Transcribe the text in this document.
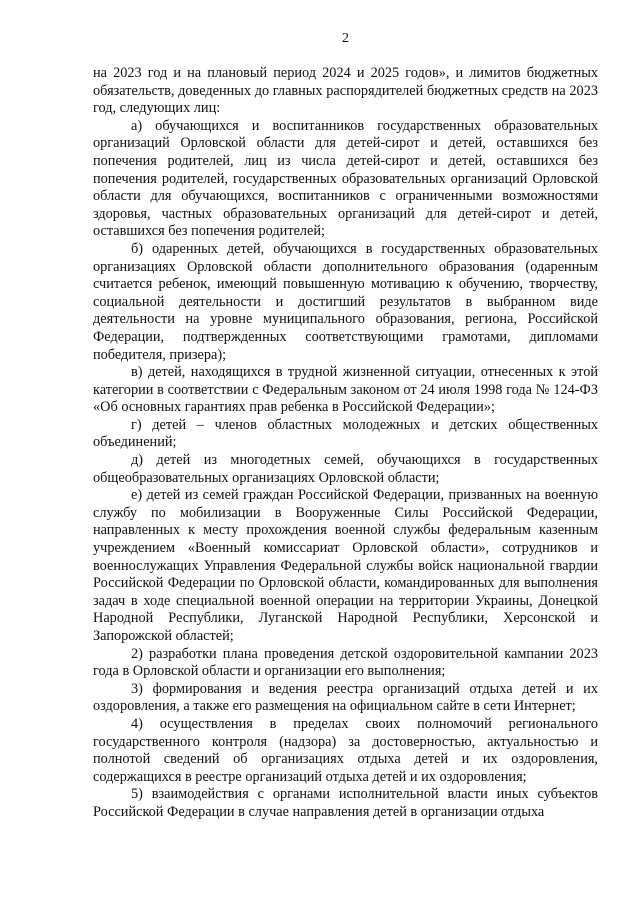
2

на 2023 год и на плановый период 2024 и 2025 годов», и лимитов бюджетных обязательств, доведенных до главных распорядителей бюджетных средств на 2023 год, следующих лиц:

а) обучающихся и воспитанников государственных образовательных организаций Орловской области для детей-сирот и детей, оставшихся без попечения родителей, лиц из числа детей-сирот и детей, оставшихся без попечения родителей, государственных образовательных организаций Орловской области для обучающихся, воспитанников с ограниченными возможностями здоровья, частных образовательных организаций для детей-сирот и детей, оставшихся без попечения родителей;

б) одаренных детей, обучающихся в государственных образовательных организациях Орловской области дополнительного образования (одаренным считается ребенок, имеющий повышенную мотивацию к обучению, творчеству, социальной деятельности и достигший результатов в выбранном виде деятельности на уровне муниципального образования, региона, Российской Федерации, подтвержденных соответствующими грамотами, дипломами победителя, призера);

в) детей, находящихся в трудной жизненной ситуации, отнесенных к этой категории в соответствии с Федеральным законом от 24 июля 1998 года № 124-ФЗ «Об основных гарантиях прав ребенка в Российской Федерации»;

г) детей – членов областных молодежных и детских общественных объединений;

д) детей из многодетных семей, обучающихся в государственных общеобразовательных организациях Орловской области;

е) детей из семей граждан Российской Федерации, призванных на военную службу по мобилизации в Вооруженные Силы Российской Федерации, направленных к месту прохождения военной службы федеральным казенным учреждением «Военный комиссариат Орловской области», сотрудников и военнослужащих Управления Федеральной службы войск национальной гвардии Российской Федерации по Орловской области, командированных для выполнения задач в ходе специальной военной операции на территории Украины, Донецкой Народной Республики, Луганской Народной Республики, Херсонской и Запорожской областей;

2) разработки плана проведения детской оздоровительной кампании 2023 года в Орловской области и организации его выполнения;

3) формирования и ведения реестра организаций отдыха детей и их оздоровления, а также его размещения на официальном сайте в сети Интернет;

4) осуществления в пределах своих полномочий регионального государственного контроля (надзора) за достоверностью, актуальностью и полнотой сведений об организациях отдыха детей и их оздоровления, содержащихся в реестре организаций отдыха детей и их оздоровления;

5) взаимодействия с органами исполнительной власти иных субъектов Российской Федерации в случае направления детей в организации отдыха
